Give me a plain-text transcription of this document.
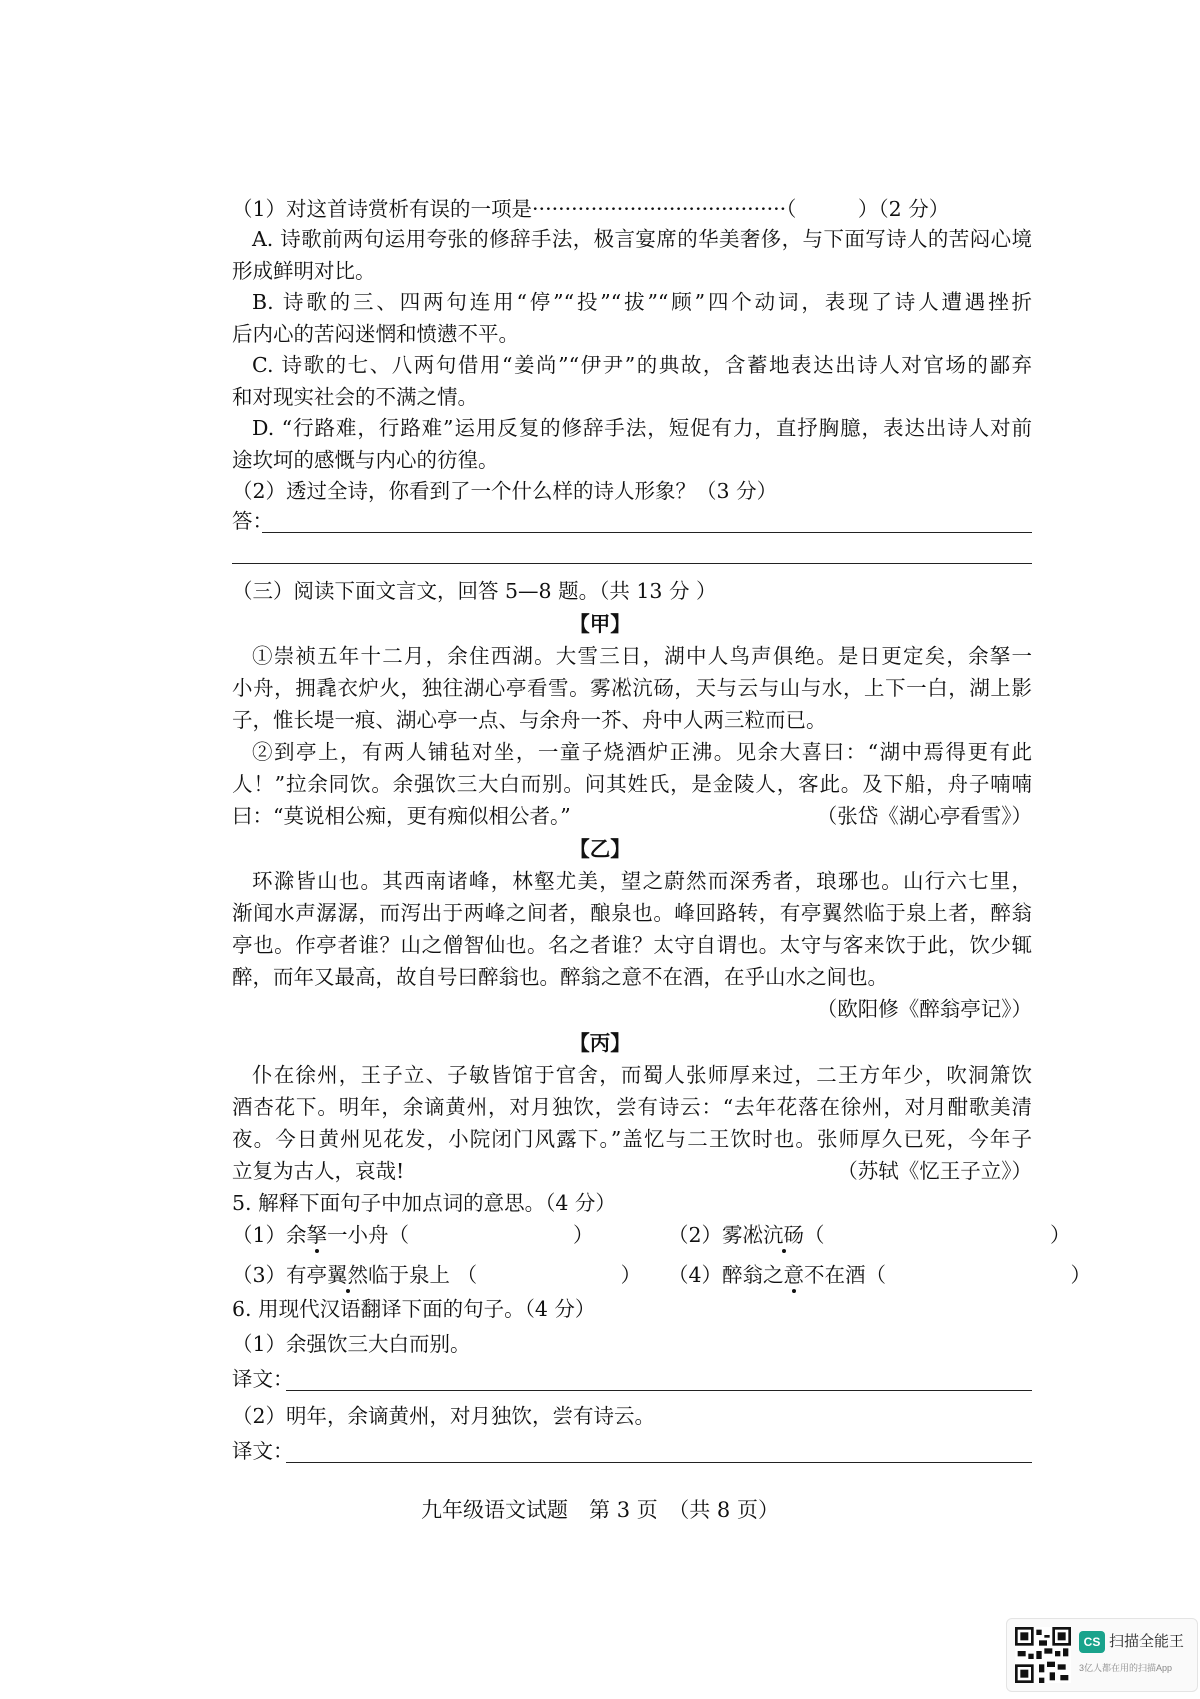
（1）对这首诗赏析有误的一项是·······································（　　　）（2 分）
A. 诗歌前两句运用夸张的修辞手法，极言宴席的华美奢侈，与下面写诗人的苦闷心境
形成鲜明对比。
B. 诗歌的三、四两句连用“停”“投”“拔”“顾”四个动词，表现了诗人遭遇挫折
后内心的苦闷迷惘和愤懑不平。
C. 诗歌的七、八两句借用“姜尚”“伊尹”的典故，含蓄地表达出诗人对官场的鄙弃
和对现实社会的不满之情。
D. “行路难，行路难”运用反复的修辞手法，短促有力，直抒胸臆，表达出诗人对前
途坎坷的感慨与内心的彷徨。
（2）透过全诗，你看到了一个什么样的诗人形象？（3 分）
答：
（三）阅读下面文言文，回答 5—8 题。（共 13 分 ）
【甲】
①崇祯五年十二月，余住西湖。大雪三日，湖中人鸟声俱绝。是日更定矣，余拏一
小舟，拥毳衣炉火，独往湖心亭看雪。雾凇沆砀，天与云与山与水，上下一白，湖上影
子，惟长堤一痕、湖心亭一点、与余舟一芥、舟中人两三粒而已。
②到亭上，有两人铺毡对坐，一童子烧酒炉正沸。见余大喜曰：“湖中焉得更有此
人！”拉余同饮。余强饮三大白而别。问其姓氏，是金陵人，客此。及下船，舟子喃喃
曰：“莫说相公痴，更有痴似相公者。”	（张岱《湖心亭看雪》）
【乙】
环滁皆山也。其西南诸峰，林壑尤美，望之蔚然而深秀者，琅琊也。山行六七里，
渐闻水声潺潺，而泻出于两峰之间者，酿泉也。峰回路转，有亭翼然临于泉上者，醉翁
亭也。作亭者谁？山之僧智仙也。名之者谁？太守自谓也。太守与客来饮于此，饮少辄
醉，而年又最高，故自号曰醉翁也。醉翁之意不在酒，在乎山水之间也。
（欧阳修《醉翁亭记》）
【丙】
仆在徐州，王子立、子敏皆馆于官舍，而蜀人张师厚来过，二王方年少，吹洞箫饮
酒杏花下。明年，余谪黄州，对月独饮，尝有诗云：“去年花落在徐州，对月酣歌美清
夜。今日黄州见花发，小院闭门风露下。”盖忆与二王饮时也。张师厚久已死，今年子
立复为古人，哀哉!	（苏轼《忆王子立》）
5. 解释下面句子中加点词的意思。（4 分）
（1）余拏一小舟（　　　　　　　　）	（2）雾凇沆砀（　　　　　　　　　　　）
（3）有亭翼然临于泉上 （　　　　　　　） （4）醉翁之意不在酒（　　　　　　　　　）
6. 用现代汉语翻译下面的句子。（4 分）
（1）余强饮三大白而别。
译文：
（2）明年，余谪黄州，对月独饮，尝有诗云。
译文：
九年级语文试题　第 3 页　（共 8 页）
CS 扫描全能王
3亿人都在用的扫描App
